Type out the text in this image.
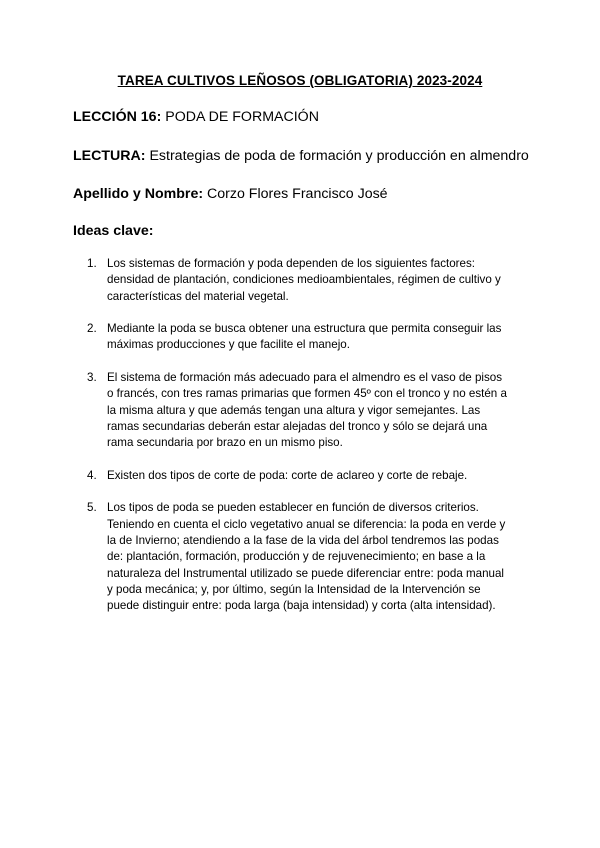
TAREA CULTIVOS LEÑOSOS (OBLIGATORIA) 2023-2024
LECCIÓN 16: PODA DE FORMACIÓN
LECTURA: Estrategias de poda de formación y producción en almendro
Apellido y Nombre: Corzo Flores Francisco José
Ideas clave:
1. Los sistemas de formación y poda dependen de los siguientes factores:
densidad de plantación, condiciones medioambientales, régimen de cultivo y
características del material vegetal.
2. Mediante la poda se busca obtener una estructura que permita conseguir las
máximas producciones y que facilite el manejo.
3. El sistema de formación más adecuado para el almendro es el vaso de pisos
o francés, con tres ramas primarias que formen 45º con el tronco y no estén a
la misma altura y que además tengan una altura y vigor semejantes. Las
ramas secundarias deberán estar alejadas del tronco y sólo se dejará una
rama secundaria por brazo en un mismo piso.
4. Existen dos tipos de corte de poda: corte de aclareo y corte de rebaje.
5. Los tipos de poda se pueden establecer en función de diversos criterios.
Teniendo en cuenta el ciclo vegetativo anual se diferencia: la poda en verde y
la de Invierno; atendiendo a la fase de la vida del árbol tendremos las podas
de: plantación, formación, producción y de rejuvenecimiento; en base a la
naturaleza del Instrumental utilizado se puede diferenciar entre: poda manual
y poda mecánica; y, por último, según la Intensidad de la Intervención se
puede distinguir entre: poda larga (baja intensidad) y corta (alta intensidad).
